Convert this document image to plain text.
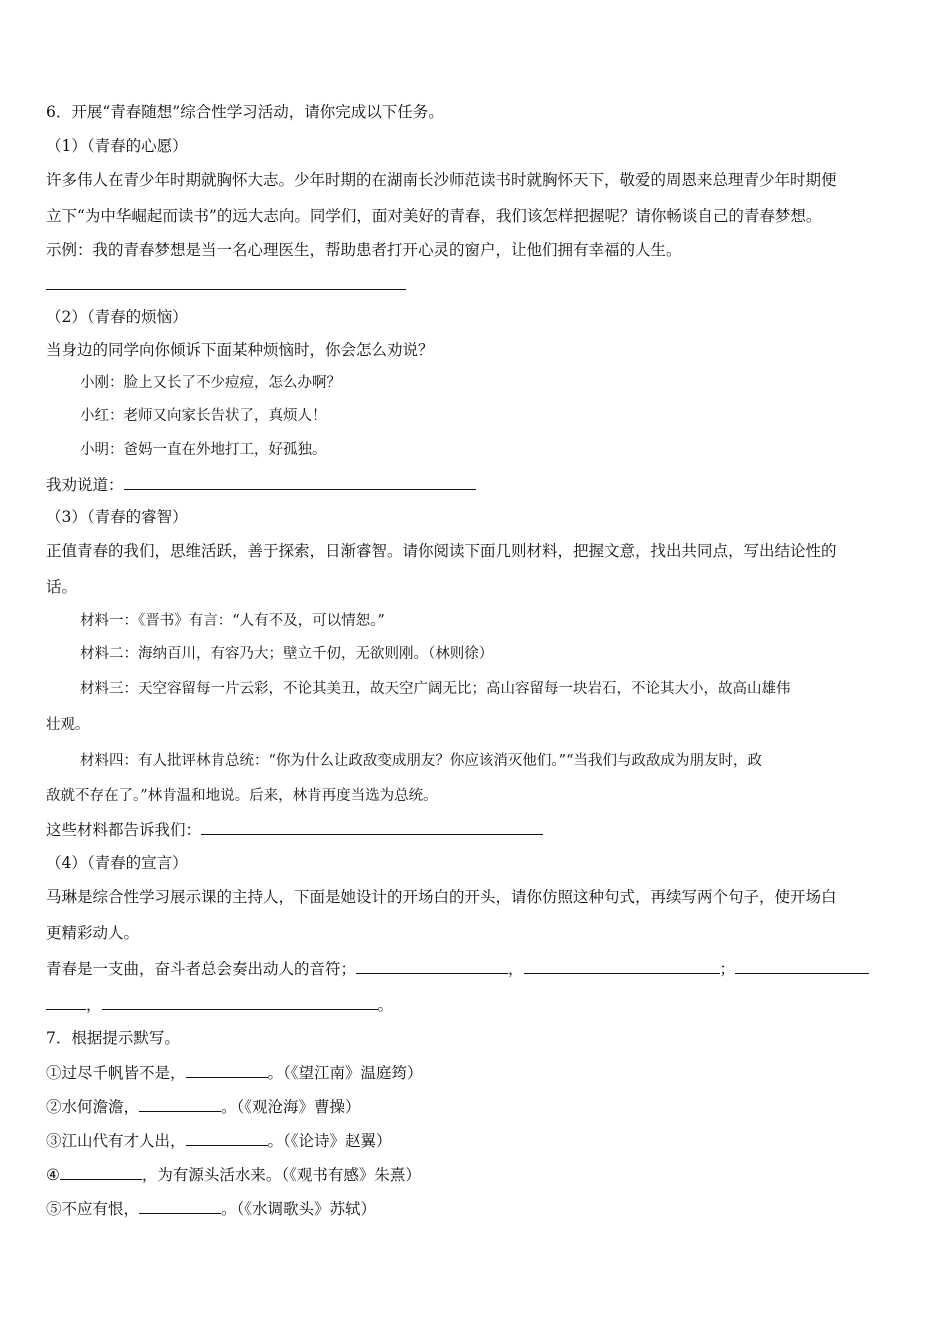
6．开展“青春随想”综合性学习活动，请你完成以下任务。
（1）（青春的心愿）
许多伟人在青少年时期就胸怀大志。少年时期的在湖南长沙师范读书时就胸怀天下，敬爱的周恩来总理青少年时期便
立下“为中华崛起而读书”的远大志向。同学们，面对美好的青春，我们该怎样把握呢？请你畅谈自己的青春梦想。
示例：我的青春梦想是当一名心理医生，帮助患者打开心灵的窗户，让他们拥有幸福的人生。
（2）（青春的烦恼）
当身边的同学向你倾诉下面某种烦恼时，你会怎么劝说？
小刚：脸上又长了不少痘痘，怎么办啊？
小红：老师又向家长告状了，真烦人！
小明：爸妈一直在外地打工，好孤独。
我劝说道：
（3）（青春的睿智）
正值青春的我们，思维活跃，善于探索，日渐睿智。请你阅读下面几则材料，把握文意，找出共同点，写出结论性的
话。
材料一：《晋书》有言：“人有不及，可以情恕。”
材料二：海纳百川，有容乃大；壁立千仞，无欲则刚。（林则徐）
材料三：天空容留每一片云彩，不论其美丑，故天空广阔无比；高山容留每一块岩石，不论其大小，故高山雄伟
壮观。
材料四：有人批评林肯总统：“你为什么让政敌变成朋友？你应该消灭他们。”“当我们与政敌成为朋友时，政
敌就不存在了。”林肯温和地说。后来，林肯再度当选为总统。
这些材料都告诉我们：
（4）（青春的宣言）
马琳是综合性学习展示课的主持人，下面是她设计的开场白的开头，请你仿照这种句式，再续写两个句子，使开场白
更精彩动人。
青春是一支曲，奋斗者总会奏出动人的音符；	，	；
，	。
7．根据提示默写。
①过尽千帆皆不是，	。（《望江南》温庭筠）
②水何澹澹，	。（《观沧海》曹操）
③江山代有才人出，	。（《论诗》赵翼）
④	，为有源头活水来。（《观书有感》朱熹）
⑤不应有恨，	。（《水调歌头》苏轼）
